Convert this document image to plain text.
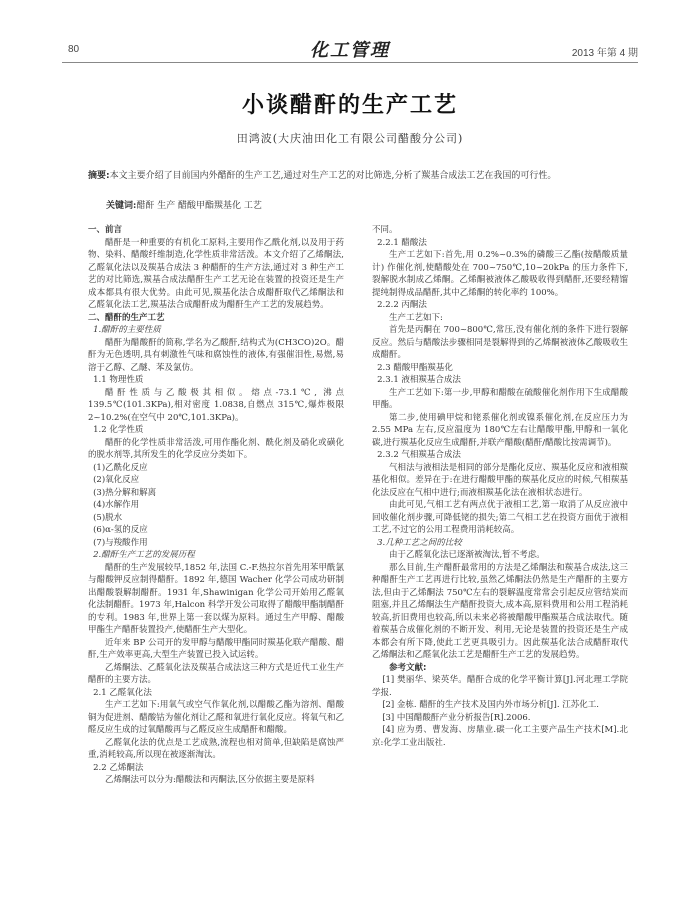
80	化工管理	2013 年第 4 期
小谈醋酐的生产工艺
田鸿波(大庆油田化工有限公司醋酸分公司)
摘要:本文主要介绍了目前国内外醋酐的生产工艺,通过对生产工艺的对比筛选,分析了羰基合成法工艺在我国的可行性。
关键词:醋酐 生产 醋酸甲酯羰基化 工艺

一、前言

醋酐是一种重要的有机化工原料,主要用作乙酰化剂,以及用于药物、染料、醋酸纤维制造,化学性质非常活泼。本文介绍了乙烯酮法,乙醛氧化法以及羰基合成法 3 种醋酐的生产方法,通过对 3 种生产工艺的对比筛选,羰基合成法醋酐生产工艺无论在装置的投资还是生产成本都具有很大优势。由此可见,羰基化法合成醋酐取代乙烯酮法和乙醛氧化法工艺,羰基法合成醋酐成为醋酐生产工艺的发展趋势。

二、醋酐的生产工艺

1.醋酐的主要性质

醋酐为醋酸酐的简称,学名为乙酸酐,结构式为(CH3CO)2O。醋酐为无色透明,具有刺激性气味和腐蚀性的液体,有强催泪性,易燃,易溶于乙醇、乙醚、苯及氯仿。

1.1 物理性质

醋酐性质与乙酸极其相似。熔点-73.1℃, 沸点 139.5℃(101.3KPa),相对密度 1.0838,自燃点 315℃,爆炸极限 2~10.2%(在空气中 20℃,101.3KPa)。

1.2 化学性质

醋酐的化学性质非常活泼,可用作酯化剂、酰化剂及硝化或磺化的脱水剂等,其所发生的化学反应分类如下。

(1)乙酰化反应

(2)氧化反应

(3)热分解和解离

(4)水解作用

(5)脱水

(6)α-氢的反应

(7)与羧酸作用

2.醋酐生产工艺的发展历程

醋酐的生产发展较早,1852 年,法国 C.-F.热拉尔首先用苯甲酰氯与醋酸钾反应制得醋酐。1892 年,德国 Wacher 化学公司成功研制出醋酸裂解制醋酐。1931 年,Shawinigan 化学公司开始用乙醛氧化法制醋酐。1973 年,Halcon 科学开发公司取得了醋酸甲酯制醋酐的专利。1983 年,世界上第一套以煤为原料。通过生产甲醇、醋酸甲酯生产醋酐装置投产,使醋酐生产大型化。

近年来 BP 公司开的发甲醇与醋酸甲酯同时羰基化联产醋酸、醋酐,生产效率更高,大型生产装置已投入试运转。

乙烯酮法、乙醛氧化法及羰基合成法这三种方式是近代工业生产醋酐的主要方法。

2.1 乙醛氧化法

生产工艺如下:用氧气或空气作氧化剂,以醋酸乙酯为溶剂、醋酸铜为促进剂、醋酸钴为催化剂让乙醛和氧进行氧化反应。将氧气和乙醛反应生成的过氧醋酸再与乙醛反应生成醋酐和醋酸。

乙醛氧化法的优点是工艺成熟,流程也相对简单,但缺陷是腐蚀严重,消耗较高,所以现在被逐渐淘汰。

2.2 乙烯酮法

乙烯酮法可以分为:醋酸法和丙酮法,区分依据主要是原料

不同。

2.2.1 醋酸法

生产工艺如下:首先,用 0.2%~0.3%的磷酸三乙酯(按醋酸质量计) 作催化剂,使醋酸处在 700~750℃,10~20kPa 的压力条件下,裂解脱水制成乙烯酮。乙烯酮被液体乙酸吸收得到醋酐,还要经精馏提纯制得成品醋酐,其中乙烯酮的转化率约 100%。

2.2.2 丙酮法

生产工艺如下:

首先是丙酮在 700~800℃,常压,没有催化剂的条件下进行裂解反应。然后与醋酸法步骤相同是裂解得到的乙烯酮被液体乙酸吸收生成醋酐。

2.3 醋酸甲酯羰基化

2.3.1 液相羰基合成法

生产工艺如下:第一步,甲醇和醋酸在硫酸催化剂作用下生成醋酸甲酯。

第二步,使用碘甲烷和铑系催化剂或镍系催化剂,在反应压力为 2.55 MPa 左右,反应温度为 180℃左右让醋酸甲酯,甲醇和一氧化碳,进行羰基化反应生成醋酐,并联产醋酸(醋酐/醋酸比按需调节)。

2.3.2 气相羰基合成法

气相法与液相法是相同的部分是酯化反应、羰基化反应和液相羰基化相似。差异在于:在进行醋酸甲酯的羰基化反应的时候,气相羰基化法反应在气相中进行;而液相羰基化法在液相状态进行。

由此可见,气相工艺有两点优于液相工艺,第一取消了从反应液中回收催化剂步骤,可降低铑的损失;第二气相工艺在投资方面优于液相工艺,不过它的公用工程费用消耗较高。

3.几种工艺之间的比较

由于乙醛氧化法已逐渐被淘汰,暂不考虑。

那么目前,生产醋酐最常用的方法是乙烯酮法和羰基合成法,这三种醋酐生产工艺再进行比较,虽然乙烯酮法仍然是生产醋酐的主要方法,但由于乙烯酮法 750℃左右的裂解温度常常会引起反应管结炭而阻塞,并且乙烯酮法生产醋酐投资大,成本高,原料费用和公用工程消耗较高,折旧费用也较高,所以未来必将被醋酸甲酯羰基合成法取代。随着羰基合成催化剂的不断开发、利用,无论是装置的投资还是生产成本都会有所下降,使此工艺更具吸引力。因此羰基化法合成醋酐取代乙烯酮法和乙醛氧化法工艺是醋酐生产工艺的发展趋势。

参考文献:

[1] 樊丽华、梁英华。醋酐合成的化学平衡计算[J].河北理工学院学报.

[2] 金栋. 醋酐的生产技术及国内外市场分析[J]. 江苏化工.

[3] 中国醋酸酐产业分析报告[R].2006.

[4] 应为勇、曹发海、房鼎业.碳一化工主要产品生产技术[M].北京:化学工业出版社.
